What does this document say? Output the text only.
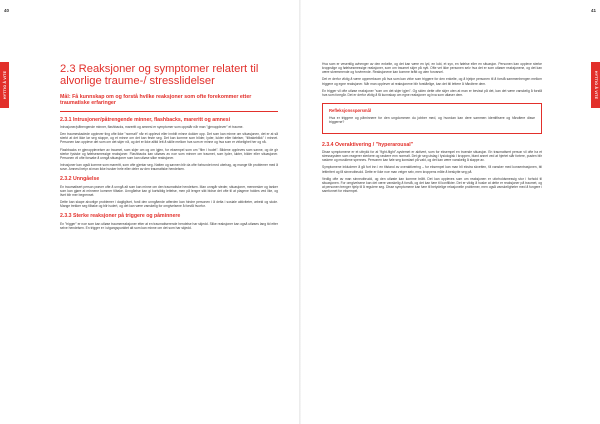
40	41
HYTTIG Å VITE	HYTTIG Å VITE
2.3 Reaksjoner og symptomer relatert til alvorlige traume-/ stresslidelser
Mål: Få kunnskap om og forstå hvilke reaksjoner som ofte forekommer etter traumatiske erfaringer
2.3.1 Intrusjoner/påtrengende minner, flashbacks, mareritt og amnesi

Intrusjoner/påtrengende minner, flashbacks, mareritt og amnesi er symptomer som oppstår når man "gjenopplever" et traume.

Den traumeskadede opplever ting ofte ikke "normalt" når et opplevd eller innbilt minne dukker opp. Det som kan minne om situasjonen, det er at så sterkt at det ikke lar seg stoppe, og et minne om det kan feste seg. Det kan komme som bilder, lyder, lukter eller følelser, "tilbakeblikk" i minnet. Personen kan oppleve det som om det skjer nå, og det er ikke alltid lett å skille mellom hva som er minne og hva som er virkelighet her og nå.

Flashbacks er gjenopplevelser av traumet, som skjer om og om igjen, for eksempel som om "film i hodet". Bildene oppleves som sanne, og de gir sterke fysiske og følelsesmessige reaksjoner. Flashbacks kan utløses av noe som minner om traumet, som lyder, lukter, bilder eller situasjoner. Personen vil ofte forsøke å unngå situasjoner som kan utløse slike reaksjoner.

Intrusjoner kan også komme som mareritt, som ofte gjentar seg. Natten og søvnen blir da ofte forbundet med ubehag, og mange får problemer med å sove. Amnesi betyr at man ikke husker hele eller deler av den traumatiske hendelsen.

2.3.2 Unngåelse

En traumatisert person prøver ofte å unngå alt som kan minne om den traumatiske hendelsen. Man unngår steder, situasjoner, mennesker og tanker som kan gjøre at minnene kommer tilbake. Unngåelse kan gi kortsiktig lettelse, men på lengre sikt bidrar det ofte til at plagene holdes ved like, og livet blir mer begrenset.

Dette kan skape alvorlige problemer i dagliglivet, fordi den unngående atferden kan hindre personen i å delta i sosiale aktiviteter, arbeid og skole. Mange trekker seg tilbake og blir isolert, og det kan være vanskelig for omgivelsene å forstå hvorfor.

2.3.3 Sterke reaksjoner på triggere og påminnere

En "trigger" er noe som kan utløse traumereaksjoner etter at en traumatiserende hendelse har skjedd. Slike reaksjoner kan også utløses lang tid etter selve hendelsen. En trigger er i utgangspunktet alt som kan minne om det som har skjedd.

Hva som er vesentlig avhenger av den enkelte, og det kan være en lyd, en lukt, et syn, en følelse eller en situasjon. Personen kan oppleve sterke kroppslige og følelsesmessige reaksjoner, som om traumet skjer på nytt. Ofte vet ikke personen selv hva det er som utløser reaksjonene, og det kan være skremmende og forvirrende. Reaksjonene kan komme brått og uten forvarsel.

Det er derfor viktig å være oppmerksom på hva som kan virke som triggere for den enkelte, og å hjelpe personen til å forstå sammenhengen mellom triggere og egne reaksjoner. Når man opplever at reaksjonene blir forståelige, kan det bli lettere å håndtere dem.

En trigger vil ofte utløse reaksjoner "som om det skjer igjen". Og siden dette ofte skjer uten at man er bevisst på det, kan det være vanskelig å forstå hva som foregår. Det er derfor viktig å få kunnskap om egne reaksjoner og hva som utløser dem.

Refleksjonsspørsmål

Hva er triggere og påminnere for den ungdommen du jobber med, og hvordan kan dere sammen identifisere og håndtere disse triggerne?

2.3.4 Overaktivering / "hyperarousal"

Disse symptomene er et uttrykk for at "fight-flight"-systemet er aktivert, som for eksempel en truende situasjon. En traumatisert person vil ofte ha et stresssystem som reagerer sterkere og raskere enn normalt. Det gir seg utslag i fysiologisk i kroppen, blant annet ved at hjertet slår fortere, pusten blir raskere og musklene spennes. Personen kan føle seg konstant på vakt, og det kan være vanskelig å slappe av.

Symptomene inkluderer å gå fort inn i en tilstand av overaktivering – for eksempel kan man bli ekstra skvetten, få vansker med konsentrasjonen, bli lettirritert og få sinneutbrudd. Dette er ikke noe man velger selv, men kroppens måte å beskytte seg på.

Vedlig ofte av man sinneutbrudd, og den utløste kan komme brått. Det kan oppleves som om reaksjonen er uforholdsmessig stor i forhold til situasjonen. For omgivelsene kan det være vanskelig å forstå, og det kan føre til konflikter. Det er viktig å huske at dette er reaksjoner på traumet, og at personen trenger hjelp til å regulere seg. Disse symptomene kan føre til betydelige relasjonelle problemer, men også vanskeligheter med å fungere i samfunnet for eksempel.
